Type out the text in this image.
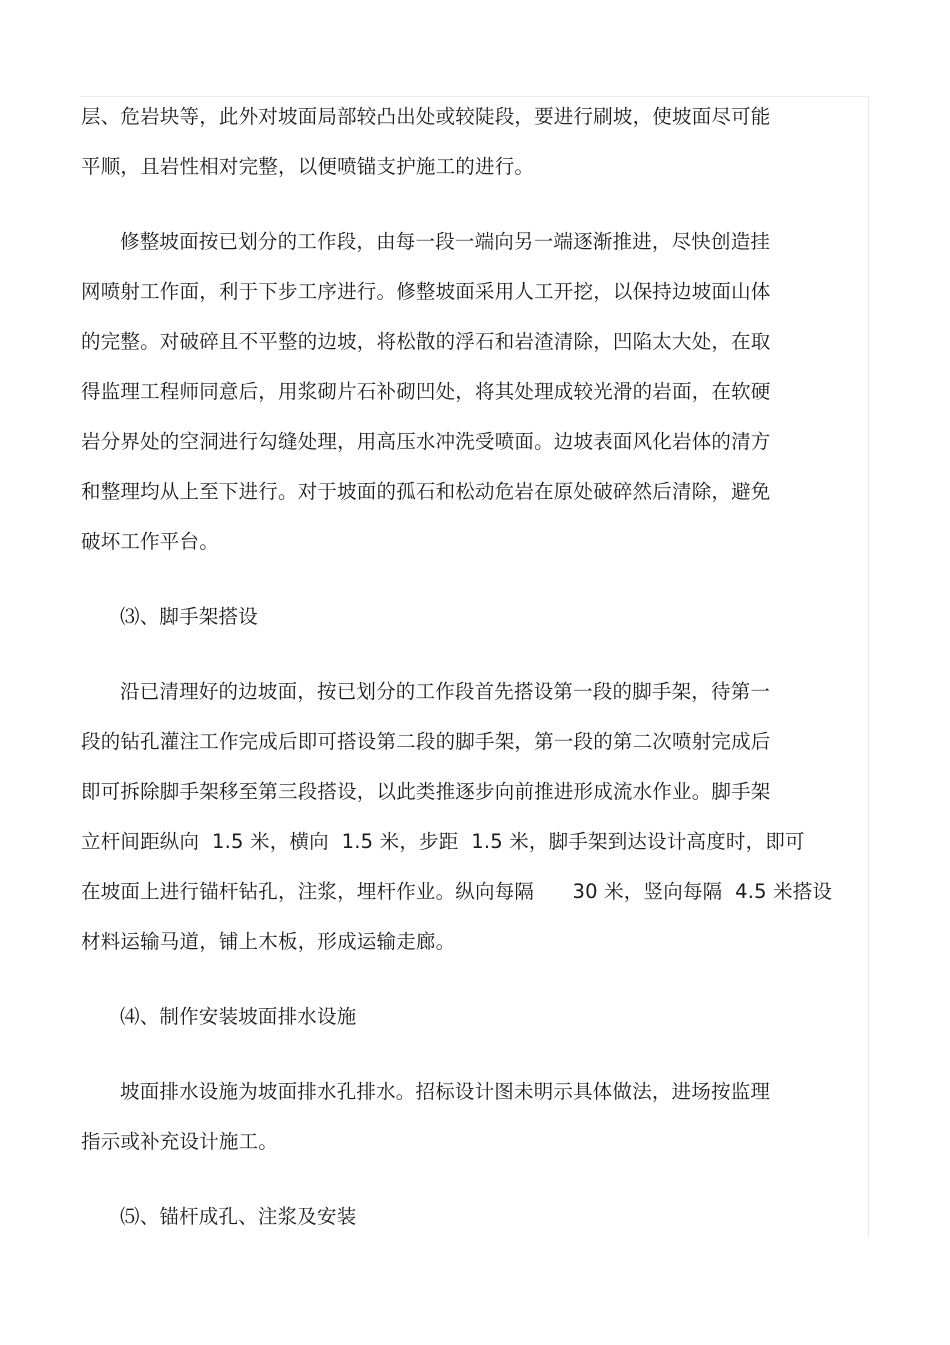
层、危岩块等，此外对坡面局部较凸出处或较陡段，要进行刷坡，使坡面尽可能
平顺，且岩性相对完整，以便喷锚支护施工的进行。
修整坡面按已划分的工作段，由每一段一端向另一端逐渐推进，尽快创造挂
网喷射工作面，利于下步工序进行。修整坡面采用人工开挖，以保持边坡面山体
的完整。对破碎且不平整的边坡，将松散的浮石和岩渣清除，凹陷太大处，在取
得监理工程师同意后，用浆砌片石补砌凹处，将其处理成较光滑的岩面，在软硬
岩分界处的空洞进行勾缝处理，用高压水冲洗受喷面。边坡表面风化岩体的清方
和整理均从上至下进行。对于坡面的孤石和松动危岩在原处破碎然后清除，避免
破坏工作平台。
⑶、脚手架搭设
沿已清理好的边坡面，按已划分的工作段首先搭设第一段的脚手架，待第一
段的钻孔灌注工作完成后即可搭设第二段的脚手架，第一段的第二次喷射完成后
即可拆除脚手架移至第三段搭设，以此类推逐步向前推进形成流水作业。脚手架
立杆间距纵向  1.5 米，横向  1.5 米，步距  1.5 米，脚手架到达设计高度时，即可
在坡面上进行锚杆钻孔，注浆，埋杆作业。纵向每隔      30 米，竖向每隔  4.5 米搭设
材料运输马道，铺上木板，形成运输走廊。
⑷、制作安装坡面排水设施
坡面排水设施为坡面排水孔排水。招标设计图未明示具体做法，进场按监理
指示或补充设计施工。
⑸、锚杆成孔、注浆及安装
